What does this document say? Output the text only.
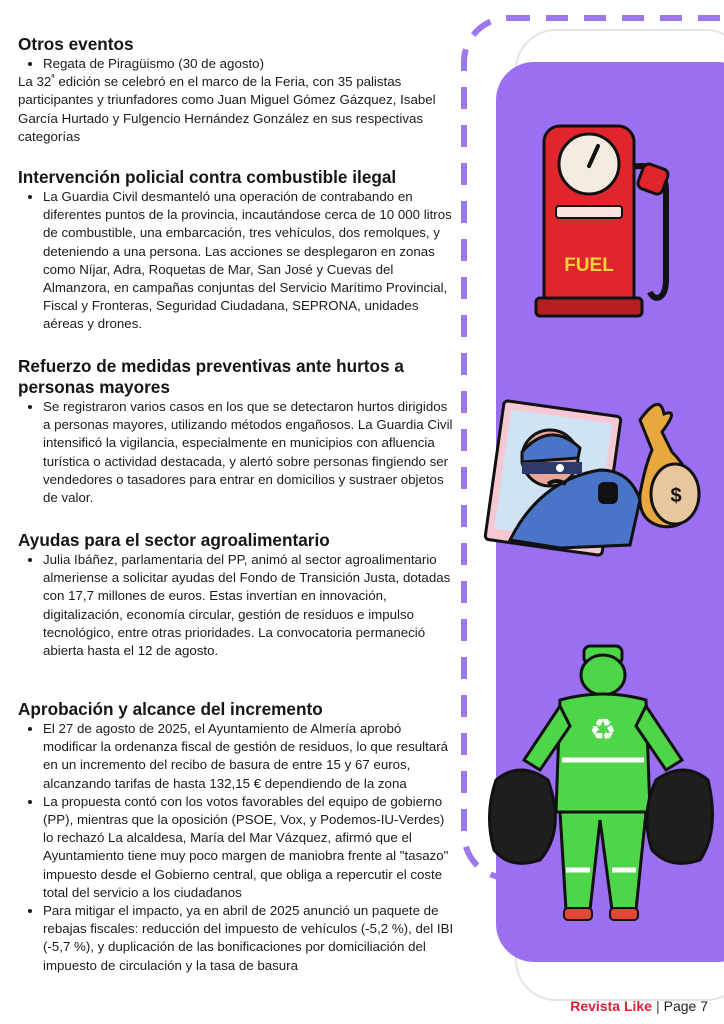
FUEL
$
♻
Otros eventos
• Regata de Piragüismo (30 de agosto)

La $32^ª$ edición se celebró en el marco de la Feria, con 35 palistas participantes y triunfadores como Juan Miguel Gómez Gázquez, Isabel García Hurtado y Fulgencio Hernández González en sus respectivas categorías

Intervención policial contra combustible ilegal
• La Guardia Civil desmanteló una operación de contrabando en diferentes puntos de la provincia, incautándose cerca de 10 000 litros de combustible, una embarcación, tres vehículos, dos remolques, y deteniendo a una persona. Las acciones se desplegaron en zonas como Níjar, Adra, Roquetas de Mar, San José y Cuevas del Almanzora, en campañas conjuntas del Servicio Marítimo Provincial, Fiscal y Fronteras, Seguridad Ciudadana, SEPRONA, unidades aéreas y drones.
Refuerzo de medidas preventivas ante hurtos a personas mayores
• Se registraron varios casos en los que se detectaron hurtos dirigidos a personas mayores, utilizando métodos engañosos. La Guardia Civil intensificó la vigilancia, especialmente en municipios con afluencia turística o actividad destacada, y alertó sobre personas fingiendo ser vendedores o tasadores para entrar en domicilios y sustraer objetos de valor.
Ayudas para el sector agroalimentario
• Julia Ibáñez, parlamentaria del PP, animó al sector agroalimentario almeriense a solicitar ayudas del Fondo de Transición Justa, dotadas con 17,7 millones de euros. Estas invertían en innovación, digitalización, economía circular, gestión de residuos e impulso tecnológico, entre otras prioridades. La convocatoria permaneció abierta hasta el 12 de agosto.
Aprobación y alcance del incremento
• El 27 de agosto de 2025, el Ayuntamiento de Almería aprobó modificar la ordenanza fiscal de gestión de residuos, lo que resultará en un incremento del recibo de basura de entre 15 y 67 euros, alcanzando tarifas de hasta 132,15 € dependiendo de la zona
• La propuesta contó con los votos favorables del equipo de gobierno (PP), mientras que la oposición (PSOE, Vox, y Podemos-IU-Verdes) lo rechazó La alcaldesa, María del Mar Vázquez, afirmó que el Ayuntamiento tiene muy poco margen de maniobra frente al "tasazo" impuesto desde el Gobierno central, que obliga a repercutir el coste total del servicio a los ciudadanos
• Para mitigar el impacto, ya en abril de 2025 anunció un paquete de rebajas fiscales: reducción del impuesto de vehículos (-5,2 %), del IBI (-5,7 %), y duplicación de las bonificaciones por domiciliación del impuesto de circulación y la tasa de basura
Revista Like | Page 7
